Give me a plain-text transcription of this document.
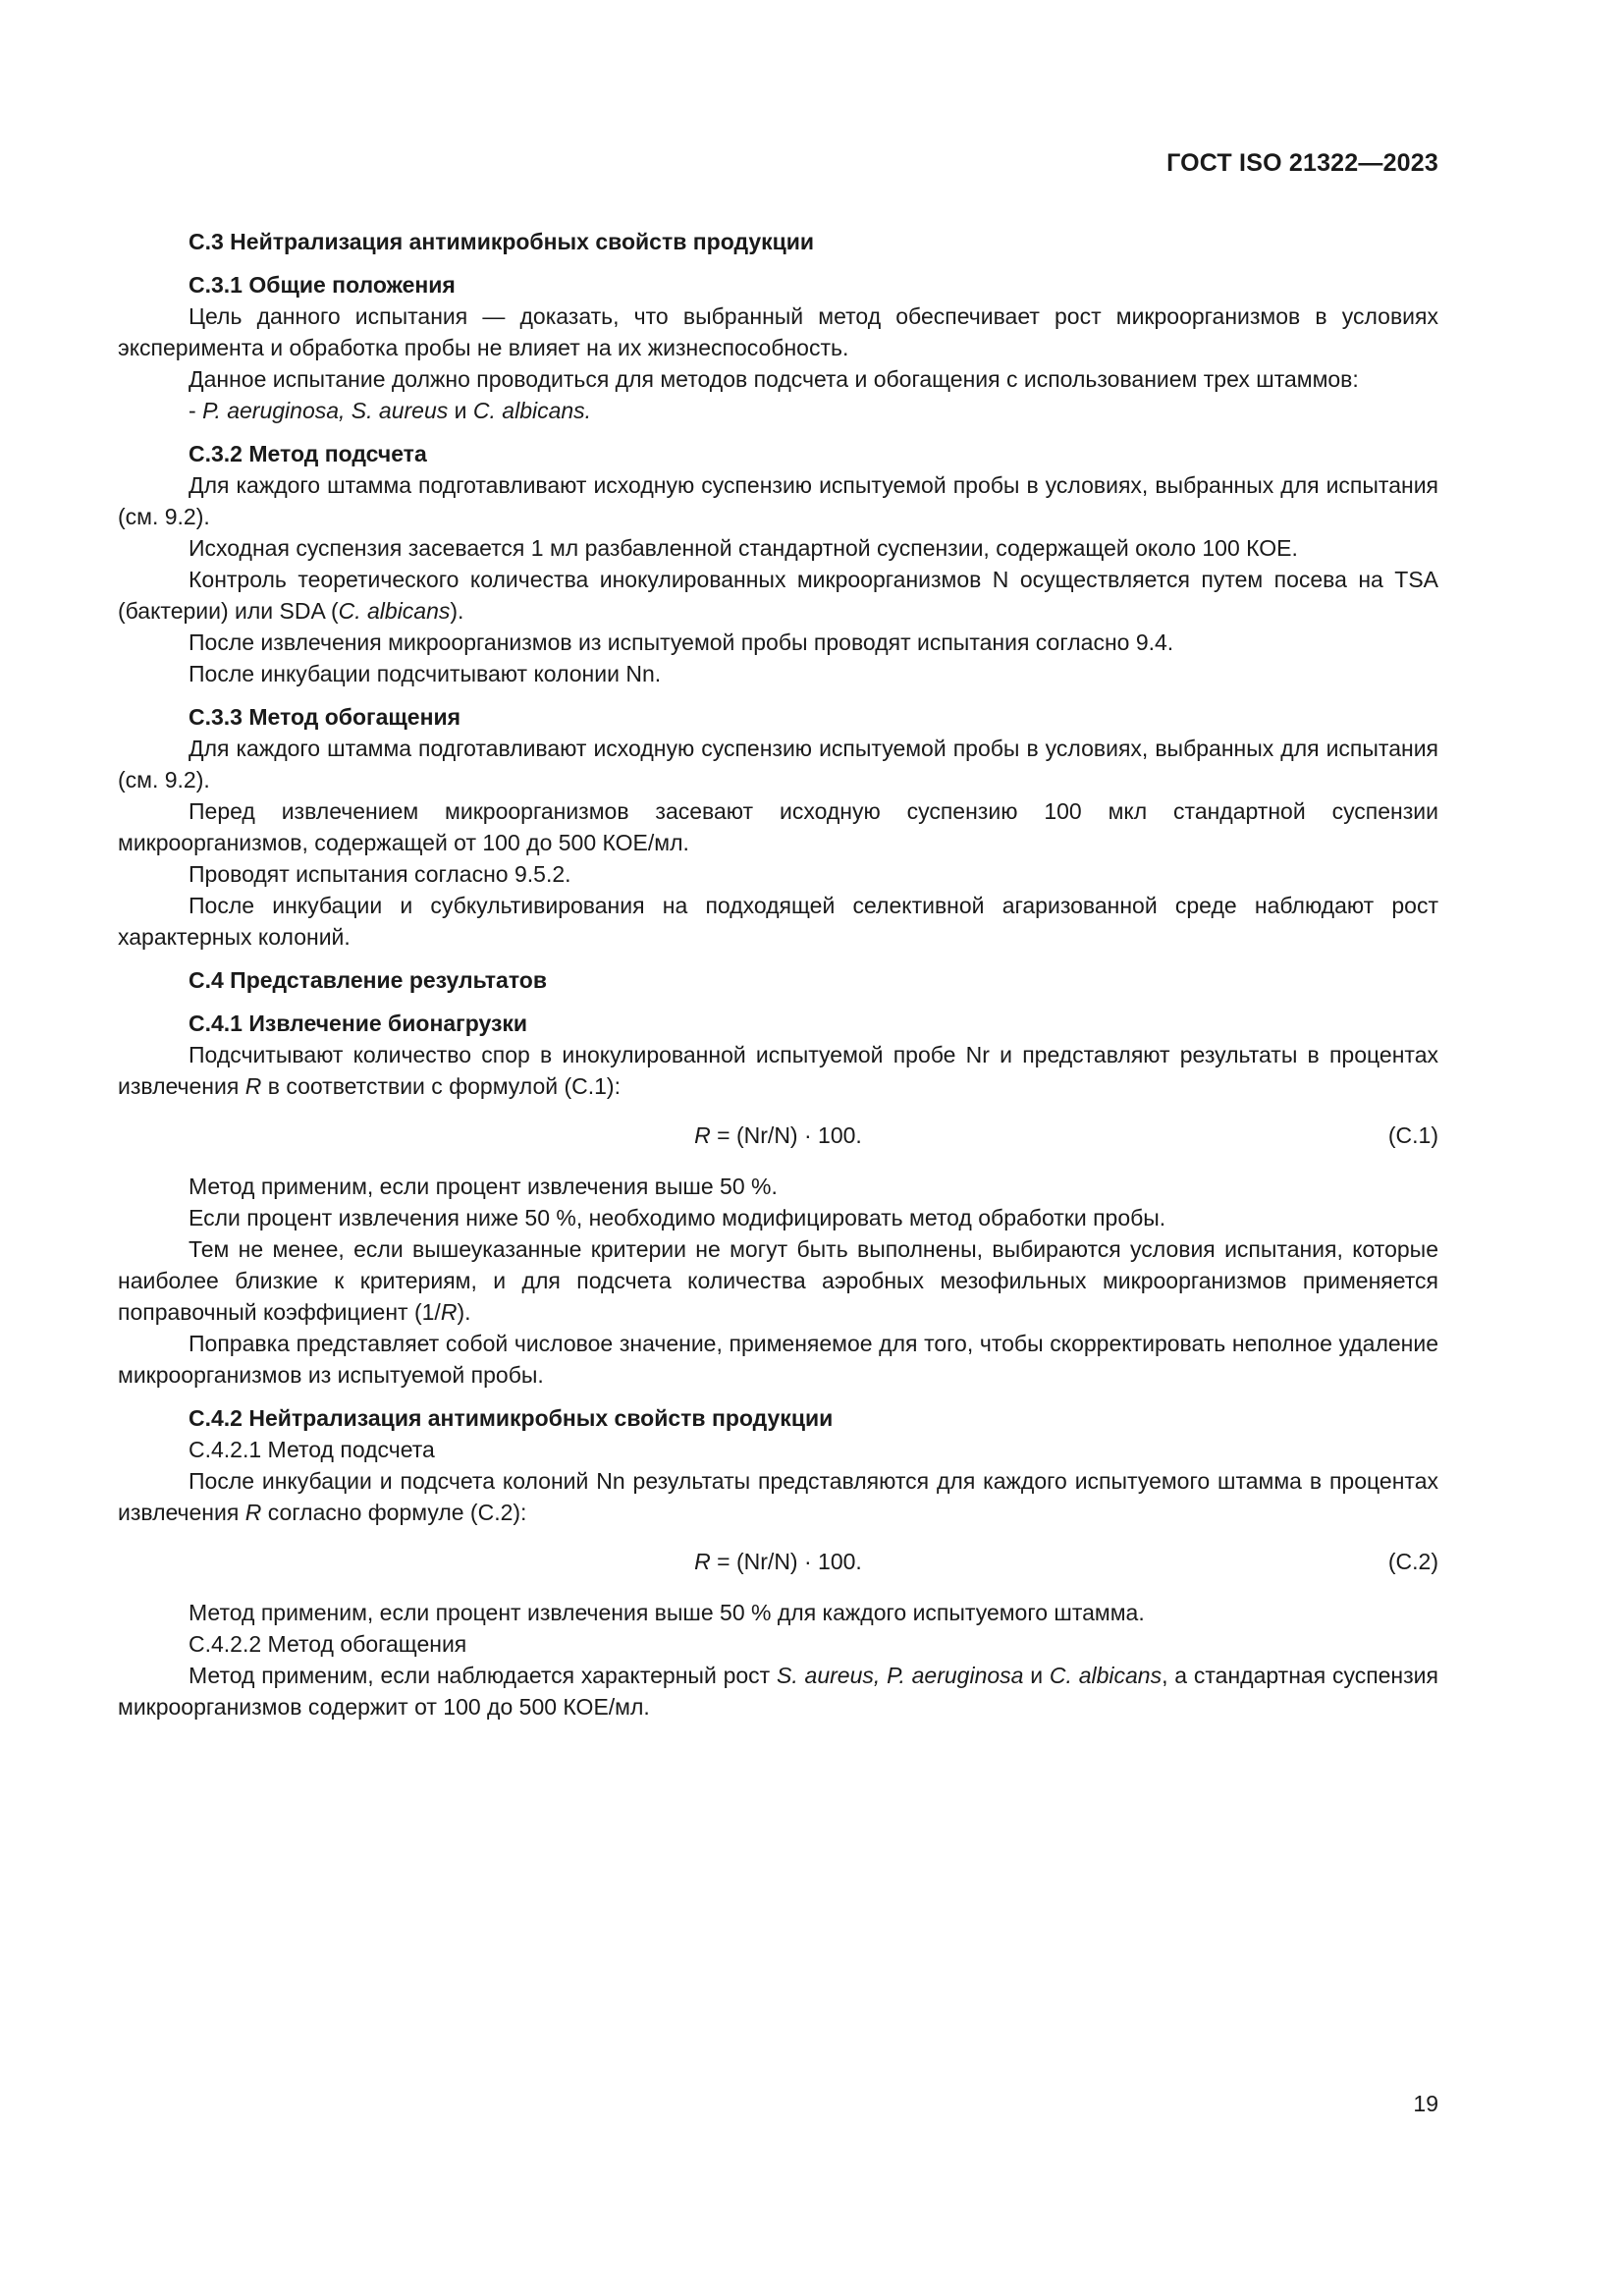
ГОСТ ISO 21322—2023

С.3 Нейтрализация антимикробных свойств продукции

С.3.1 Общие положения

Цель данного испытания — доказать, что выбранный метод обеспечивает рост микроорганизмов в условиях эксперимента и обработка пробы не влияет на их жизнеспособность.

Данное испытание должно проводиться для методов подсчета и обогащения с использованием трех штаммов:

- P. aeruginosa, S. aureus и C. albicans.

С.3.2 Метод подсчета

Для каждого штамма подготавливают исходную суспензию испытуемой пробы в условиях, выбранных для испытания (см. 9.2).

Исходная суспензия засевается 1 мл разбавленной стандартной суспензии, содержащей около 100 КОЕ.

Контроль теоретического количества инокулированных микроорганизмов N осуществляется путем посева на TSA (бактерии) или SDA (C. albicans).

После извлечения микроорганизмов из испытуемой пробы проводят испытания согласно 9.4.

После инкубации подсчитывают колонии Nn.

С.3.3 Метод обогащения

Для каждого штамма подготавливают исходную суспензию испытуемой пробы в условиях, выбранных для испытания (см. 9.2).

Перед извлечением микроорганизмов засевают исходную суспензию 100 мкл стандартной суспензии микроорганизмов, содержащей от 100 до 500 КОЕ/мл.

Проводят испытания согласно 9.5.2.

После инкубации и субкультивирования на подходящей селективной агаризованной среде наблюдают рост характерных колоний.

С.4 Представление результатов

С.4.1 Извлечение бионагрузки

Подсчитывают количество спор в инокулированной испытуемой пробе Nr и представляют результаты в процентах извлечения R в соответствии с формулой (С.1):

R = (Nr/N) · 100.	(С.1)

Метод применим, если процент извлечения выше 50 %.

Если процент извлечения ниже 50 %, необходимо модифицировать метод обработки пробы.

Тем не менее, если вышеуказанные критерии не могут быть выполнены, выбираются условия испытания, которые наиболее близкие к критериям, и для подсчета количества аэробных мезофильных микроорганизмов применяется поправочный коэффициент (1/R).

Поправка представляет собой числовое значение, применяемое для того, чтобы скорректировать неполное удаление микроорганизмов из испытуемой пробы.

С.4.2 Нейтрализация антимикробных свойств продукции

С.4.2.1 Метод подсчета

После инкубации и подсчета колоний Nn результаты представляются для каждого испытуемого штамма в процентах извлечения R согласно формуле (С.2):

R = (Nr/N) · 100.	(С.2)

Метод применим, если процент извлечения выше 50 % для каждого испытуемого штамма.

С.4.2.2 Метод обогащения

Метод применим, если наблюдается характерный рост S. aureus, P. aeruginosa и C. albicans, а стандартная суспензия микроорганизмов содержит от 100 до 500 КОЕ/мл.

19
